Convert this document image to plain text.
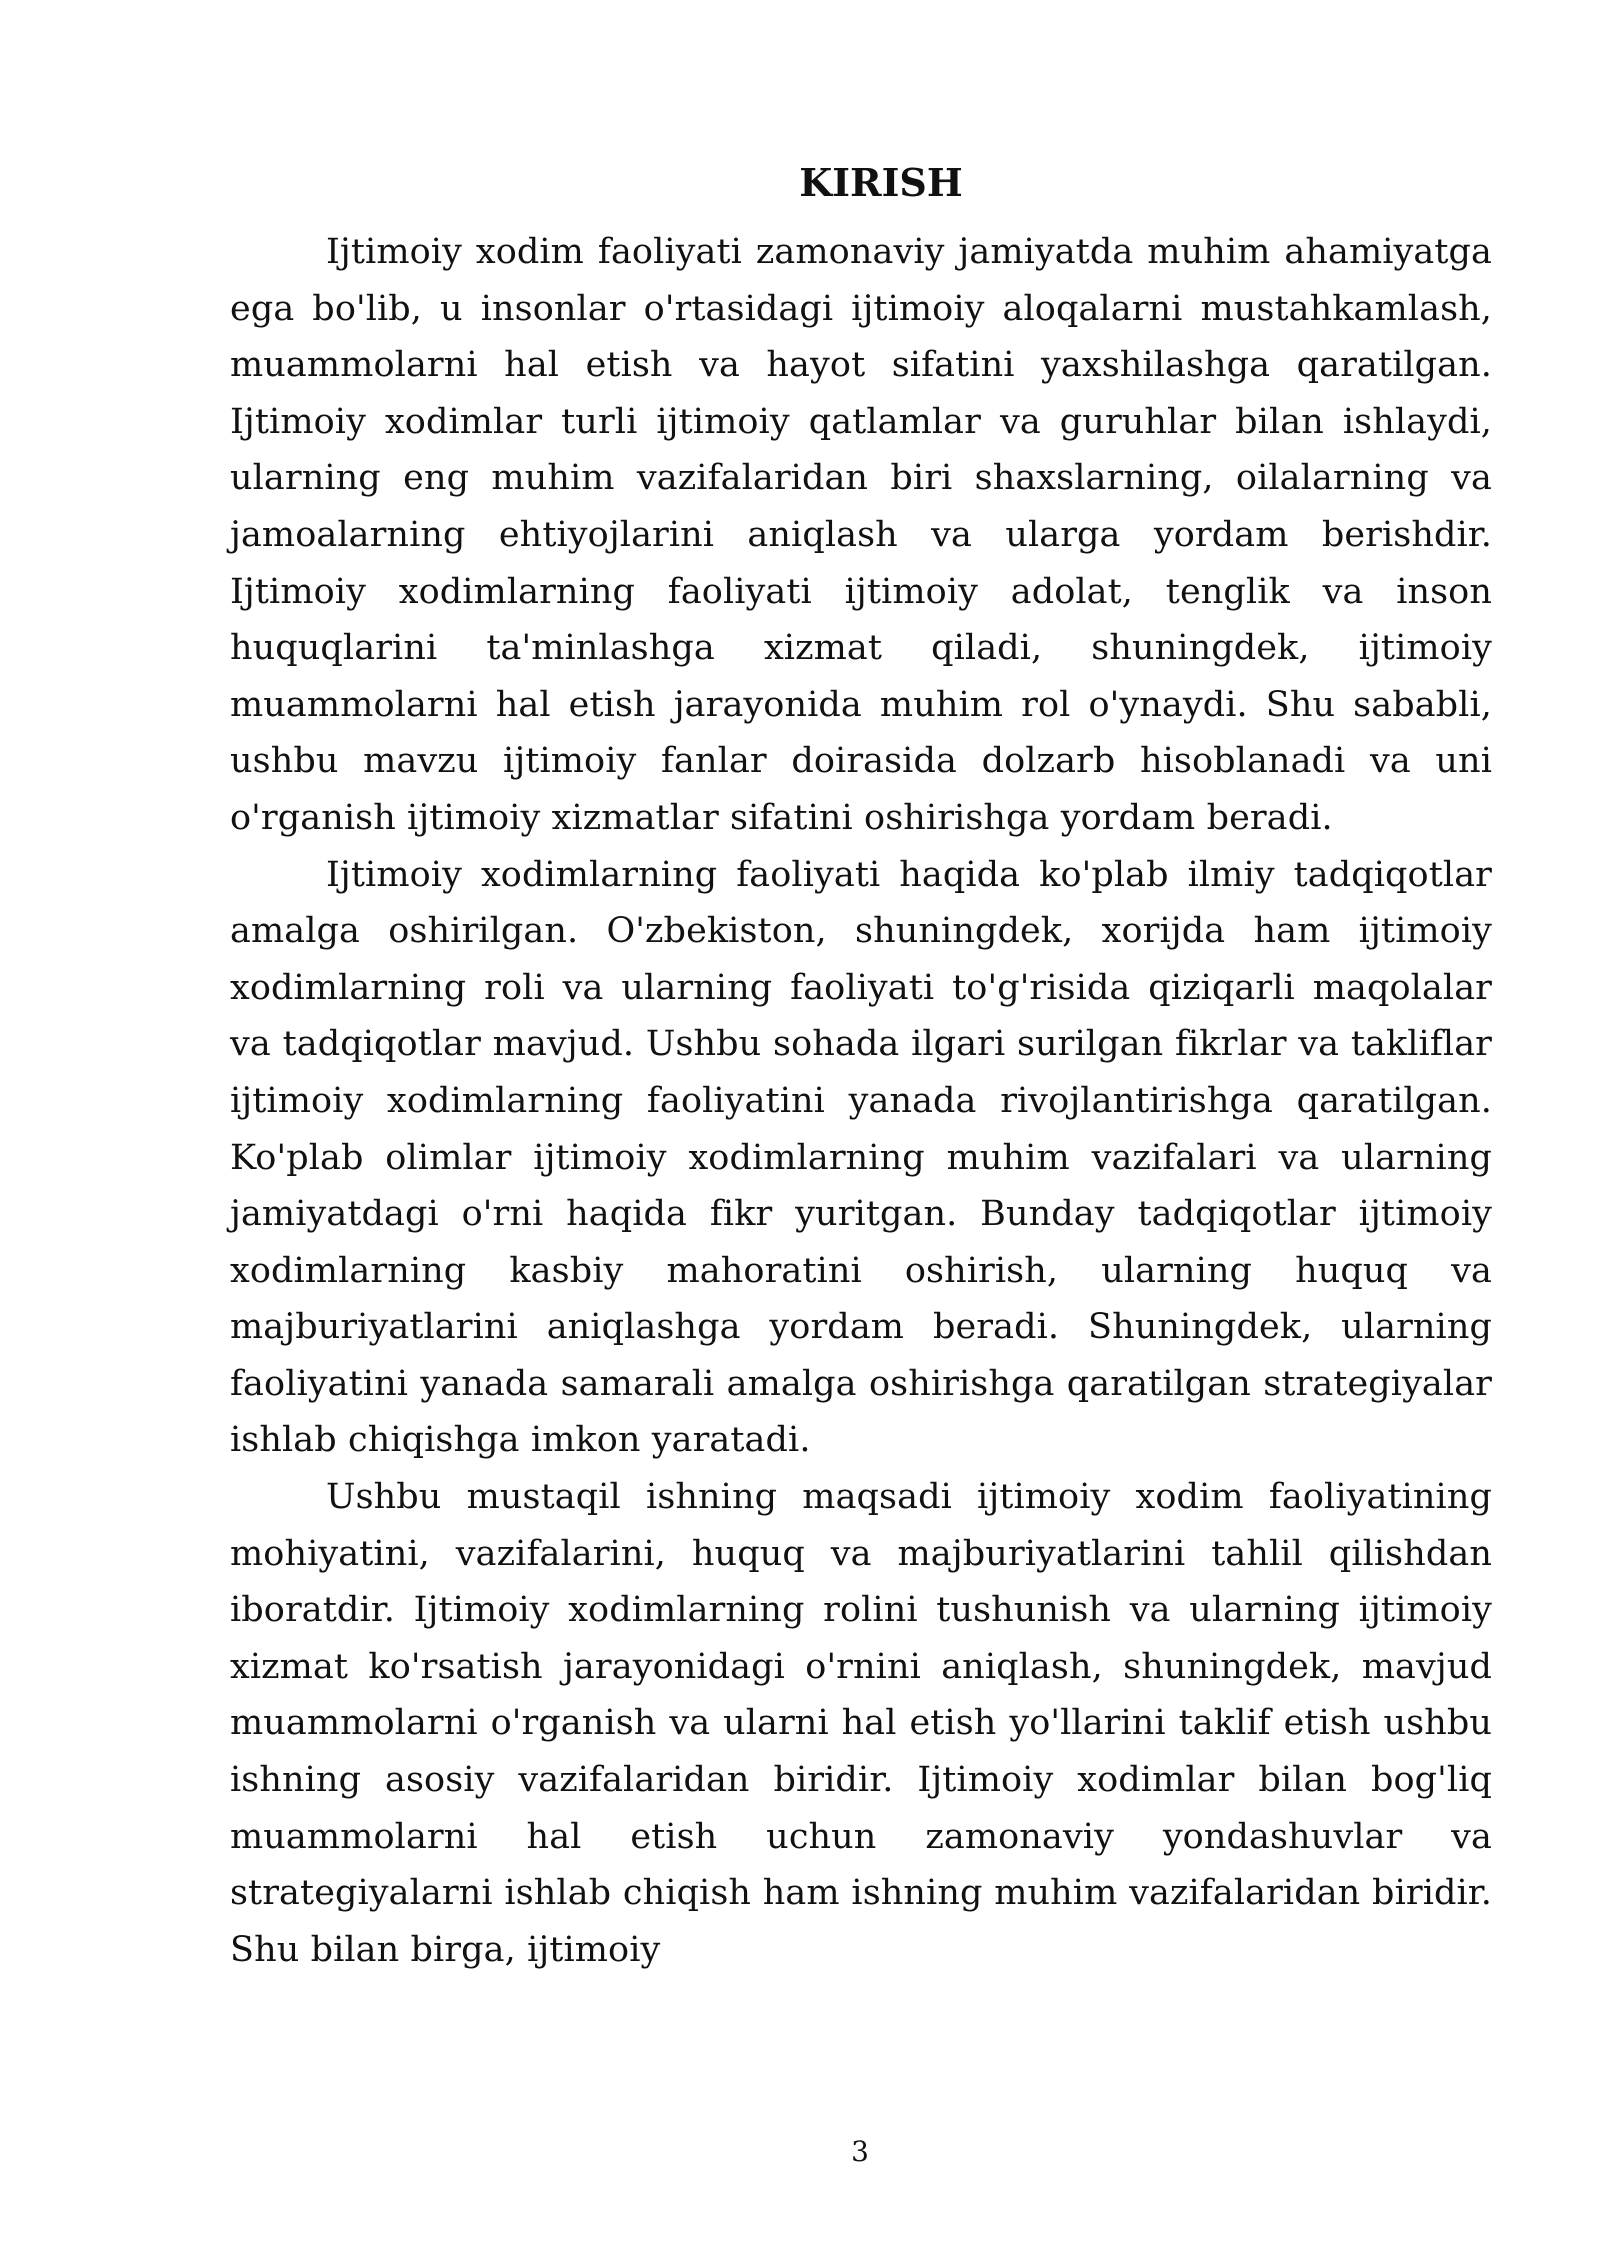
KIRISH

Ijtimoiy xodim faoliyati zamonaviy jamiyatda muhim ahamiyatga ega bo'lib, u insonlar o'rtasidagi ijtimoiy aloqalarni mustahkamlash, muammolarni hal etish va hayot sifatini yaxshilashga qaratilgan. Ijtimoiy xodimlar turli ijtimoiy qatlamlar va guruhlar bilan ishlaydi, ularning eng muhim vazifalaridan biri shaxslarning, oilalarning va jamoalarning ehtiyojlarini aniqlash va ularga yordam berishdir. Ijtimoiy xodimlarning faoliyati ijtimoiy adolat, tenglik va inson huquqlarini ta'minlashga xizmat qiladi, shuningdek, ijtimoiy muammolarni hal etish jarayonida muhim rol o'ynaydi. Shu sababli, ushbu mavzu ijtimoiy fanlar doirasida dolzarb hisoblanadi va uni o'rganish ijtimoiy xizmatlar sifatini oshirishga yordam beradi.

Ijtimoiy xodimlarning faoliyati haqida ko'plab ilmiy tadqiqotlar amalga oshirilgan. O'zbekiston, shuningdek, xorijda ham ijtimoiy xodimlarning roli va ularning faoliyati to'g'risida qiziqarli maqolalar va tadqiqotlar mavjud. Ushbu sohada ilgari surilgan fikrlar va takliflar ijtimoiy xodimlarning faoliyatini yanada rivojlantirishga qaratilgan. Ko'plab olimlar ijtimoiy xodimlarning muhim vazifalari va ularning jamiyatdagi o'rni haqida fikr yuritgan. Bunday tadqiqotlar ijtimoiy xodimlarning kasbiy mahoratini oshirish, ularning huquq va majburiyatlarini aniqlashga yordam beradi. Shuningdek, ularning faoliyatini yanada samarali amalga oshirishga qaratilgan strategiyalar ishlab chiqishga imkon yaratadi.

Ushbu mustaqil ishning maqsadi ijtimoiy xodim faoliyatining mohiyatini, vazifalarini, huquq va majburiyatlarini tahlil qilishdan iboratdir. Ijtimoiy xodimlarning rolini tushunish va ularning ijtimoiy xizmat ko'rsatish jarayonidagi o'rnini aniqlash, shuningdek, mavjud muammolarni o'rganish va ularni hal etish yo'llarini taklif etish ushbu ishning asosiy vazifalaridan biridir. Ijtimoiy xodimlar bilan bog'liq muammolarni hal etish uchun zamonaviy yondashuvlar va strategiyalarni ishlab chiqish ham ishning muhim vazifalaridan biridir. Shu bilan birga, ijtimoiy

3
